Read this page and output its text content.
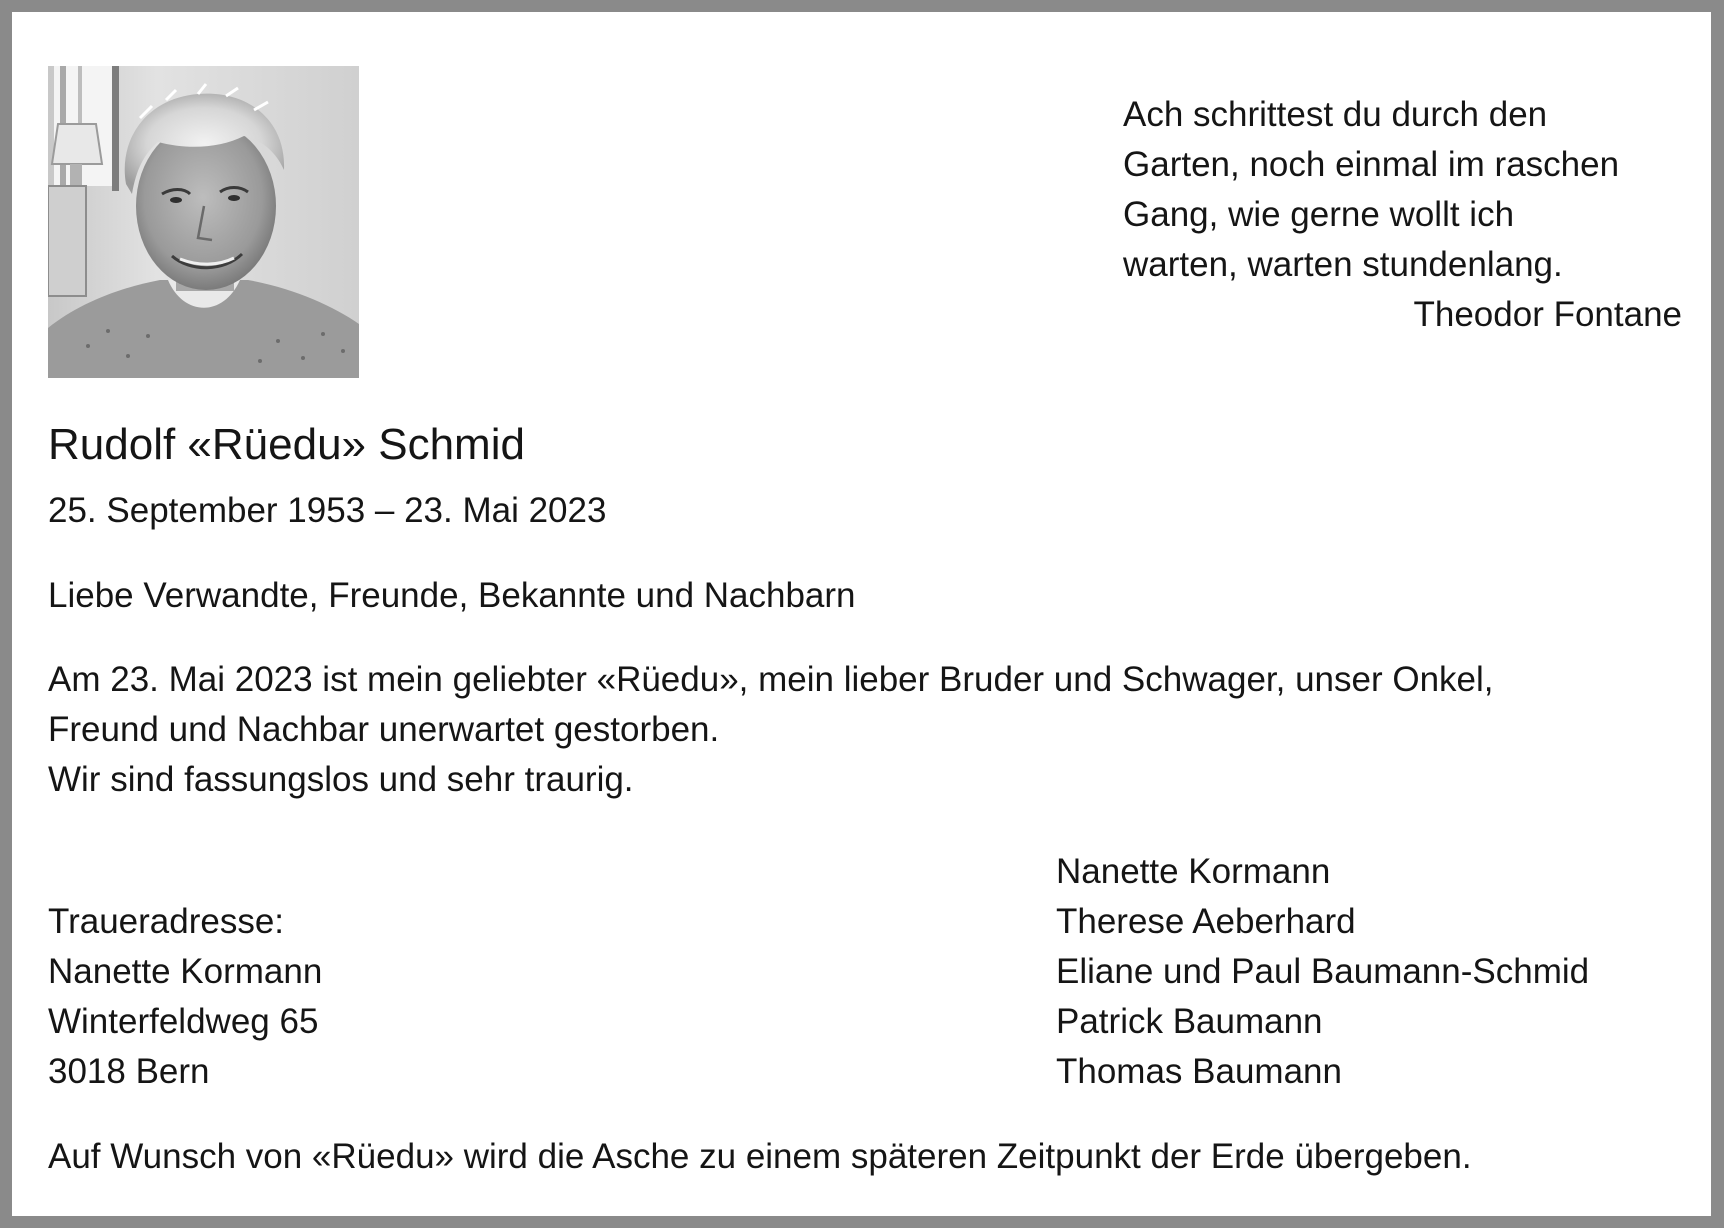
Ach schrittest du durch den
Garten, noch einmal im raschen
Gang, wie gerne wollt ich
warten, warten stundenlang.
Theodor Fontane
Rudolf «Rüedu» Schmid
25. September 1953 – 23. Mai 2023
Liebe Verwandte, Freunde, Bekannte und Nachbarn
Am 23. Mai 2023 ist mein geliebter «Rüedu», mein lieber Bruder und Schwager, unser Onkel,
Freund und Nachbar unerwartet gestorben.
Wir sind fassungslos und sehr traurig.
Traueradresse:
Nanette Kormann
Winterfeldweg 65
3018 Bern
Nanette Kormann
Therese Aeberhard
Eliane und Paul Baumann-Schmid
Patrick Baumann
Thomas Baumann
Auf Wunsch von «Rüedu» wird die Asche zu einem späteren Zeitpunkt der Erde übergeben.
